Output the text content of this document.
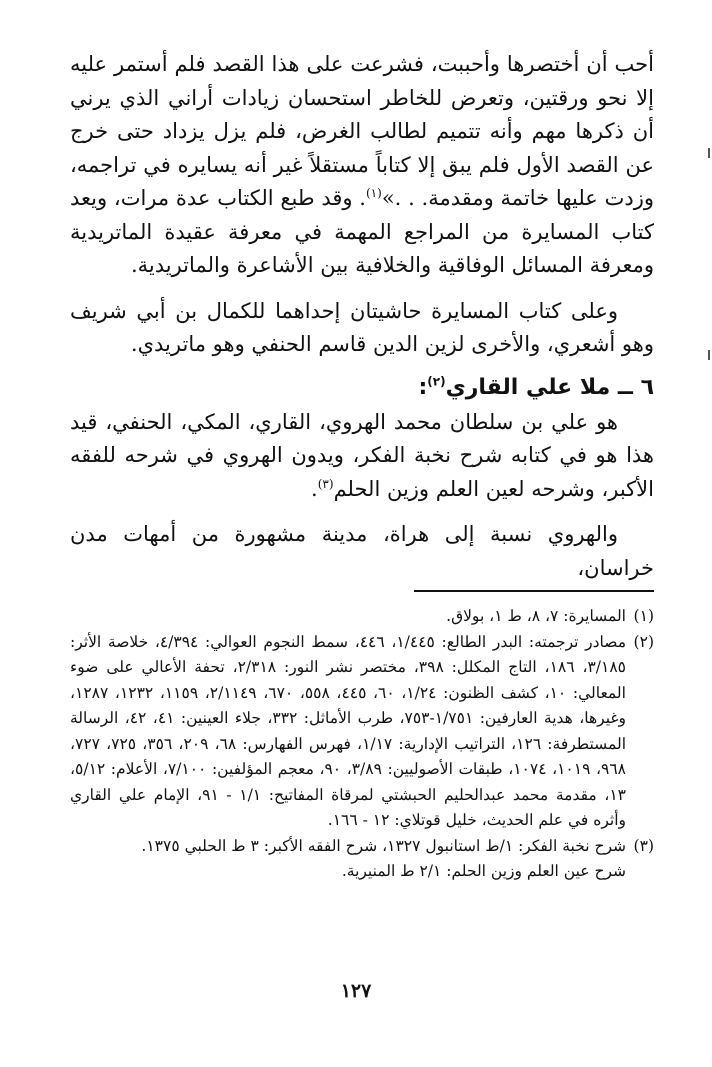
أحب أن أختصرها وأحببت، فشرعت على هذا القصد فلم أستمر عليه إلا نحو ورقتين، وتعرض للخاطر استحسان زيادات أراني الذي يرني أن ذكرها مهم وأنه تتميم لطالب الغرض، فلم يزل يزداد حتى خرج عن القصد الأول فلم يبق إلا كتاباً مستقلاً غير أنه يسايره في تراجمه، وزدت عليها خاتمة ومقدمة. . .»$^{(١)}$. وقد طبع الكتاب عدة مرات، ويعد كتاب المسايرة من المراجع المهمة في معرفة عقيدة الماتريدية ومعرفة المسائل الوفاقية والخلافية بين الأشاعرة والماتريدية.

وعلى كتاب المسايرة حاشيتان إحداهما للكمال بن أبي شريف وهو أشعري، والأخرى لزين الدين قاسم الحنفي وهو ماتريدي.

٦ ــ ملا علي القاري$^{(٢)}$:

هو علي بن سلطان محمد الهروي، القاري، المكي، الحنفي، قيد هذا هو في كتابه شرح نخبة الفكر، ويدون الهروي في شرحه للفقه الأكبر، وشرحه لعين العلم وزين الحلم$^{(٣)}$.

والهروي نسبة إلى هراة، مدينة مشهورة من أمهات مدن خراسان،

(١)
المسايرة: ٧، ٨، ط ١، بولاق.
(٢)
مصادر ترجمته: البدر الطالع: ١/٤٤٥، ٤٤٦، سمط النجوم العوالي: ٤/٣٩٤، خلاصة الأثر: ٣/١٨٥، ١٨٦، التاج المكلل: ٣٩٨، مختصر نشر النور: ٢/٣١٨، تحفة الأعالي على ضوء المعالي: ١٠، كشف الظنون: ١/٢٤، ٦٠، ٤٤٥، ٥٥٨، ٦٧٠، ٢/١١٤٩، ١١٥٩، ١٢٣٢، ١٢٨٧، وغيرها، هدية العارفين: ١/٧٥١-٧٥٣، طرب الأماثل: ٣٣٢، جلاء العينين: ٤١، ٤٢، الرسالة المستطرفة: ١٢٦، التراتيب الإدارية: ١/١٧، فهرس الفهارس: ٦٨، ٢٠٩، ٣٥٦، ٧٢٥، ٧٢٧، ٩٦٨، ١٠١٩، ١٠٧٤، طبقات الأصوليين: ٣/٨٩، ٩٠، معجم المؤلفين: ٧/١٠٠، الأعلام: ٥/١٢، ١٣، مقدمة محمد عبدالحليم الحبشتي لمرقاة المفاتيح: ١/١ - ٩١، الإمام علي القاري وأثره في علم الحديث، خليل قوتلاي: ١٢ - ١٦٦.
(٣)
شرح نخبة الفكر: ١/ط استانبول ١٣٢٧، شرح الفقه الأكبر: ٣ ط الحلبي ١٣٧٥.

شرح عين العلم وزين الحلم: ٢/١ ط المنيرية.

١٢٧
